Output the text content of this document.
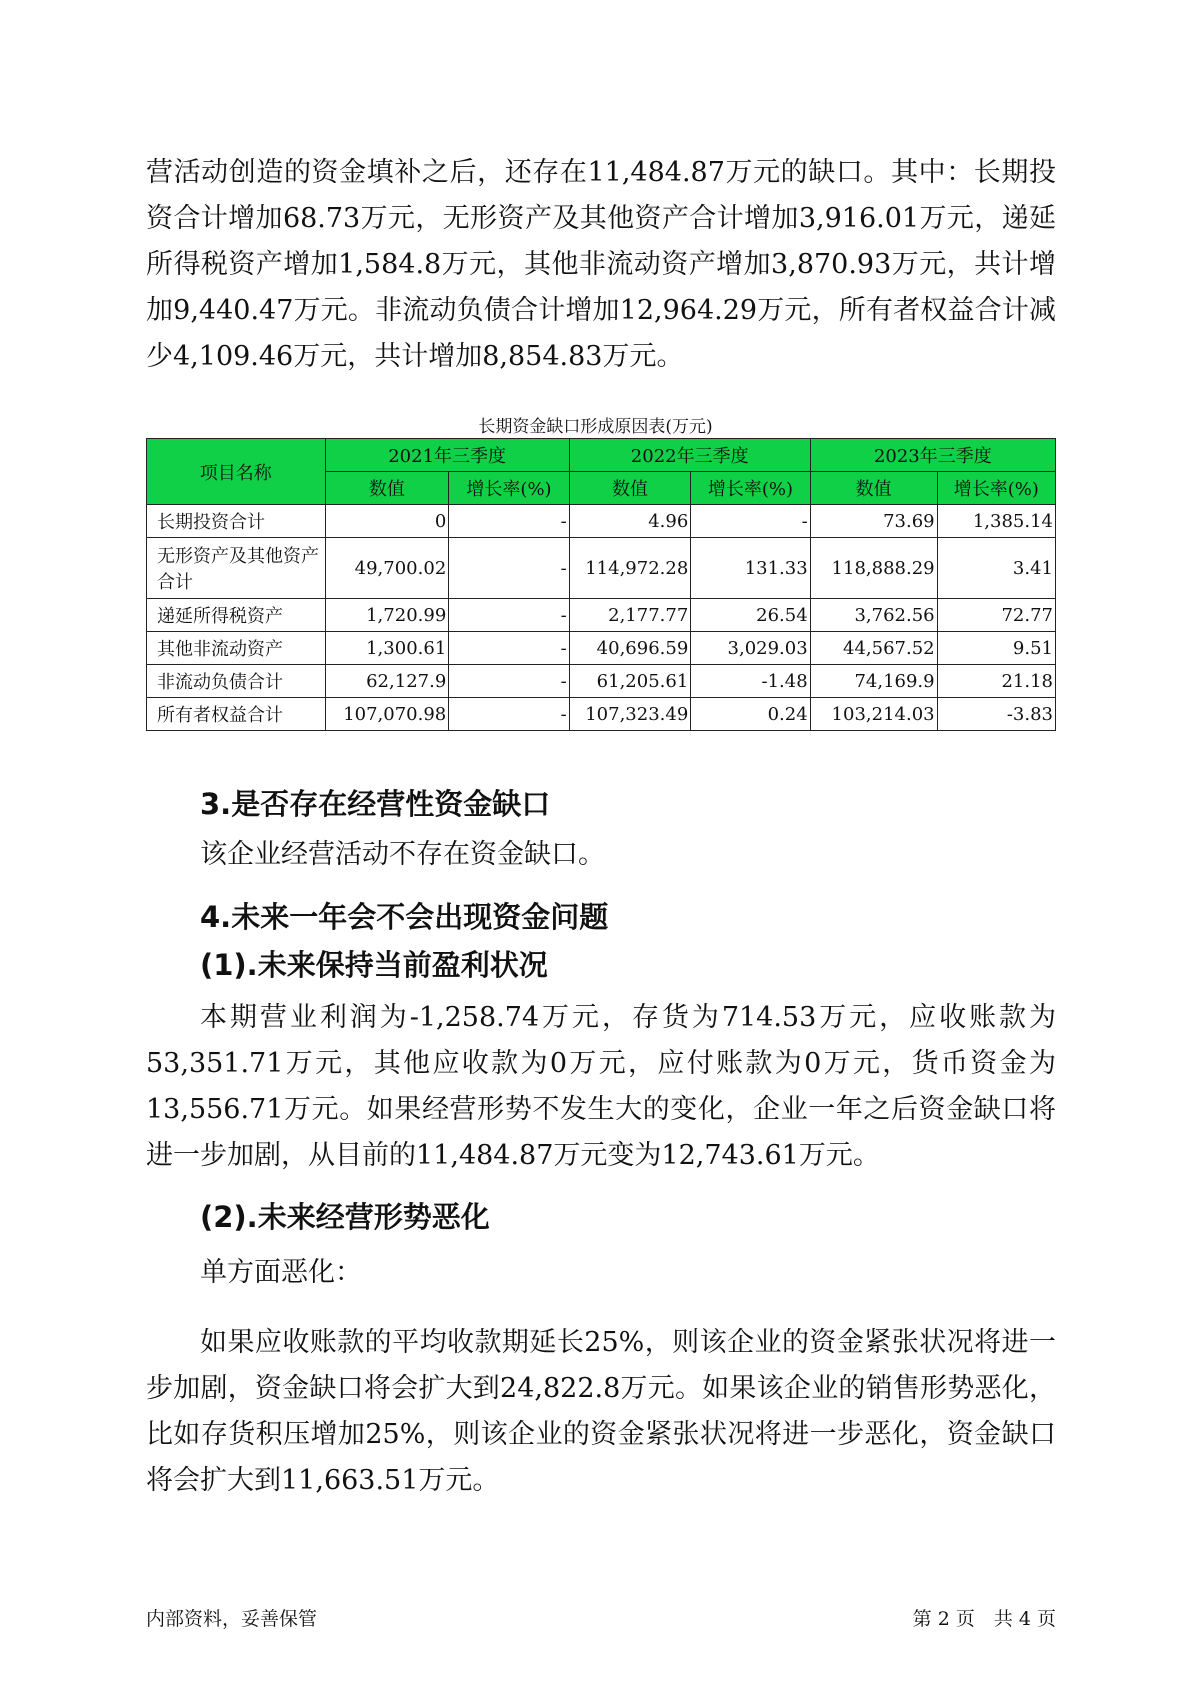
营活动创造的资金填补之后，还存在11,484.87万元的缺口。其中：长期投资合计增加68.73万元，无形资产及其他资产合计增加3,916.01万元，递延所得税资产增加1,584.8万元，其他非流动资产增加3,870.93万元，共计增加9,440.47万元。非流动负债合计增加12,964.29万元，所有者权益合计减少4,109.46万元，共计增加8,854.83万元。

长期资金缺口形成原因表(万元)
项目名称	2021年三季度		2022年三季度		2023年三季度	
	数值	增长率(%)	数值	增长率(%)	数值	增长率(%)
长期投资合计	0	-	4.96	-	73.69	1,385.14
无形资产及其他资产合计	49,700.02	-	114,972.28	131.33	118,888.29	3.41
递延所得税资产	1,720.99	-	2,177.77	26.54	3,762.56	72.77
其他非流动资产	1,300.61	-	40,696.59	3,029.03	44,567.52	9.51
非流动负债合计	62,127.9	-	61,205.61	-1.48	74,169.9	21.18
所有者权益合计	107,070.98	-	107,323.49	0.24	103,214.03	-3.83
3.是否存在经营性资金缺口

该企业经营活动不存在资金缺口。

4.未来一年会不会出现资金问题
(1).未来保持当前盈利状况

本期营业利润为-1,258.74万元，存货为714.53万元，应收账款为53,351.71万元，其他应收款为0万元，应付账款为0万元，货币资金为13,556.71万元。如果经营形势不发生大的变化，企业一年之后资金缺口将进一步加剧，从目前的11,484.87万元变为12,743.61万元。

(2).未来经营形势恶化

单方面恶化：

如果应收账款的平均收款期延长25%，则该企业的资金紧张状况将进一步加剧，资金缺口将会扩大到24,822.8万元。如果该企业的销售形势恶化，比如存货积压增加25%，则该企业的资金紧张状况将进一步恶化，资金缺口将会扩大到11,663.51万元。

内部资料，妥善保管	第 2 页　共 4 页
